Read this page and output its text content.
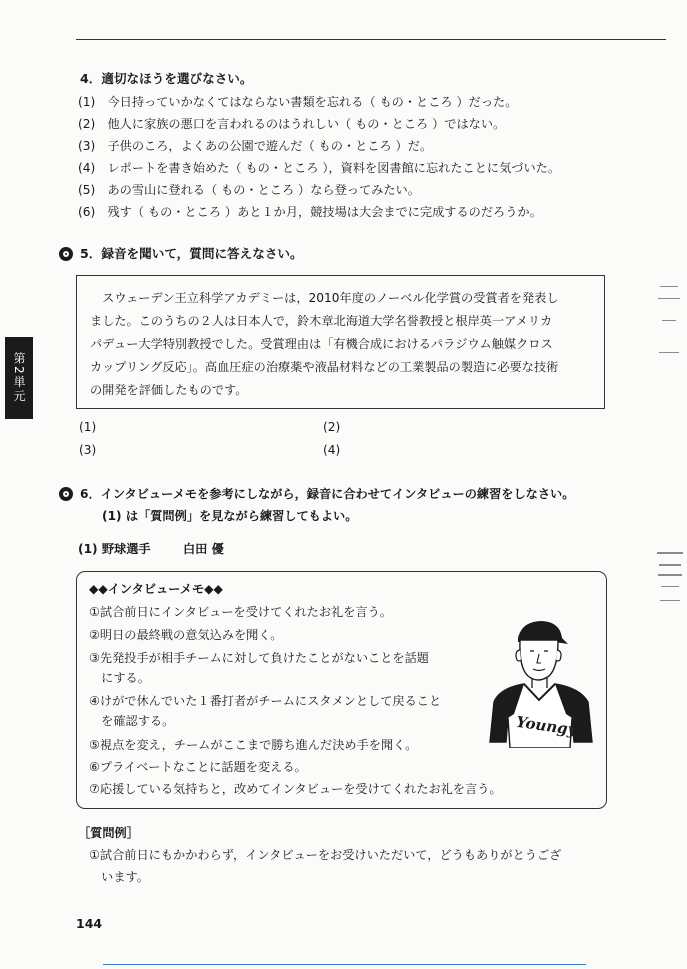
4．適切なほうを選びなさい。
(1)　今日持っていかなくてはならない書類を忘れる（ もの・ところ ）だった。
(2)　他人に家族の悪口を言われるのはうれしい（ もの・ところ ）ではない。
(3)　子供のころ，よくあの公園で遊んだ（ もの・ところ ）だ。
(4)　レポートを書き始めた（ もの・ところ ），資料を図書館に忘れたことに気づいた。
(5)　あの雪山に登れる（ もの・ところ ）なら登ってみたい。
(6)　残す（ もの・ところ ）あと１か月，競技場は大会までに完成するのだろうか。
5．録音を聞いて，質問に答えなさい。
　スウェーデン王立科学アカデミーは，2010年度のノーベル化学賞の受賞者を発表し
ました。このうちの２人は日本人で，鈴木章北海道大学名誉教授と根岸英一アメリカ
パデュー大学特別教授でした。受賞理由は「有機合成におけるパラジウム触媒クロス
カップリング反応」。高血圧症の治療薬や液晶材料などの工業製品の製造に必要な技術
の開発を評価したものです。
(1)	(2)
(3)	(4)
第2単元
6．インタビューメモを参考にしながら，録音に合わせてインタビューの練習をしなさい。
(1) は「質問例」を見ながら練習してもよい。
(1) 野球選手	白田 優
◆◆インタビューメモ◆◆
①試合前日にインタビューを受けてくれたお礼を言う。
②明日の最終戦の意気込みを聞く。
③先発投手が相手チームに対して負けたことがないことを話題
　にする。
④けがで休んでいた１番打者がチームにスタメンとして戻ること
　を確認する。
⑤視点を変え，チームがここまで勝ち進んだ決め手を聞く。
⑥プライベートなことに話題を変える。
⑦応援している気持ちと，改めてインタビューを受けてくれたお礼を言う。
Youngys
［質問例］
①試合前日にもかかわらず，インタビューをお受けいただいて，どうもありがとうござ
　います。
144
